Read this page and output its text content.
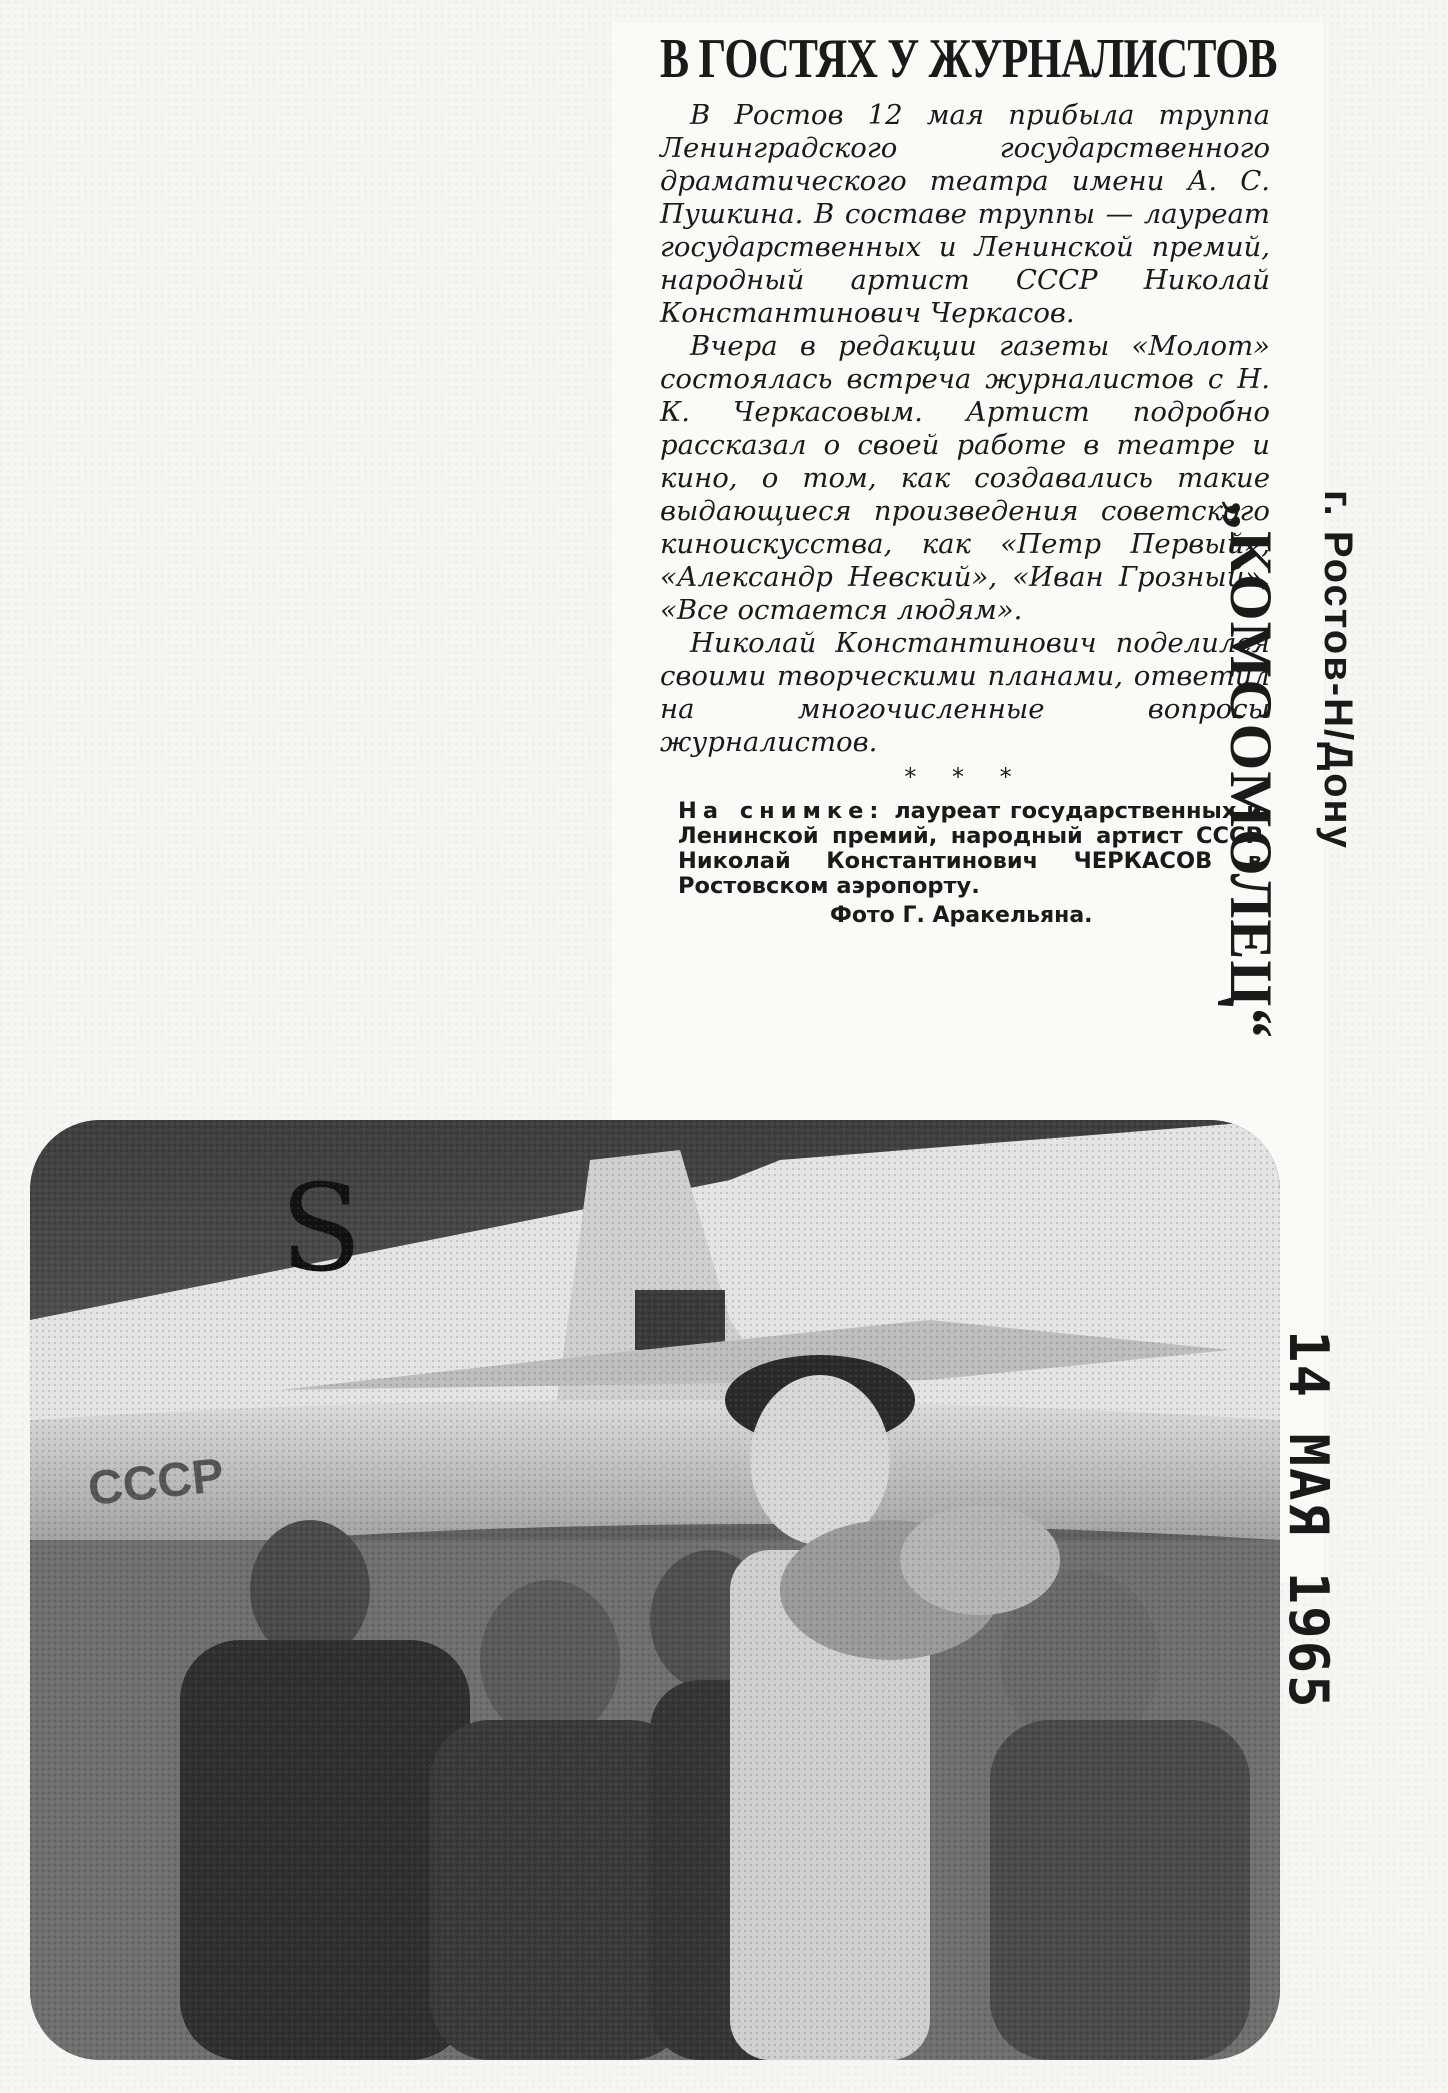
В ГОСТЯХ У ЖУРНАЛИСТОВ

В Ростов 12 мая прибыла труппа Ленинградского государственного драматического театра имени А. С. Пушкина. В составе труппы — лауреат государственных и Ленинской премий, народный артист СССР Николай Константинович Черкасов.

Вчера в редакции газеты «Молот» состоялась встреча журналистов с Н. К. Черкасовым. Артист подробно рассказал о своей работе в театре и кино, о том, как создавались такие выдающиеся произведения советского киноискусства, как «Петр Первый», «Александр Невский», «Иван Грозный», «Все остается людям».

Николай Константинович поделился своими творческими планами, ответил на многочисленные вопросы журналистов.

* * *
На снимке: лауреат государственных и Ленинской премий, народный артист СССР Николай Константинович ЧЕРКАСОВ в Ростовском аэропорту.
Фото Г. Аракельяна.	„КОМСОМОЛЕЦ“ г. Ростов-Н/Дону
14 МАЯ 1965
